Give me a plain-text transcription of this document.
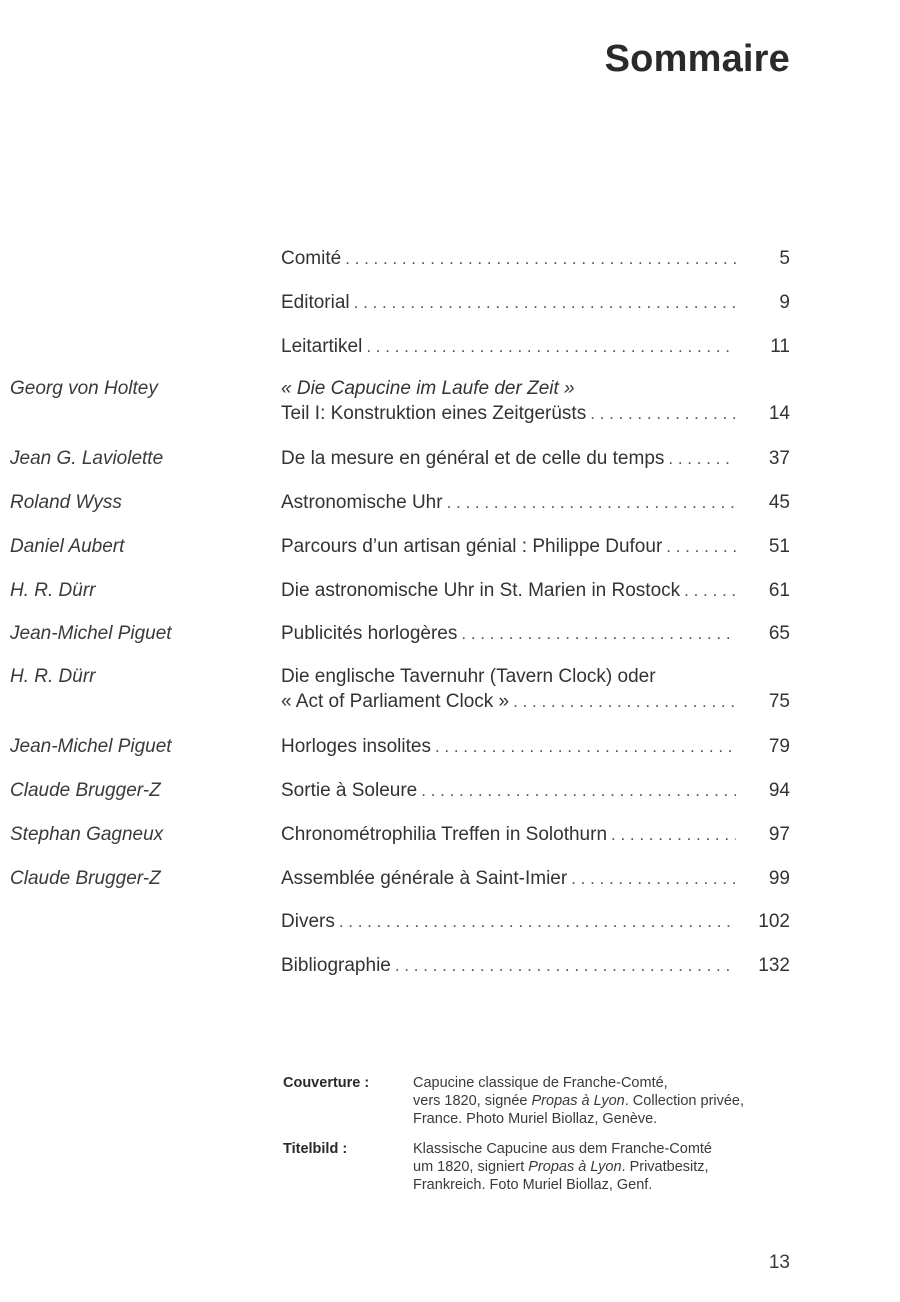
Sommaire
Comité . . .	5
Editorial . . .	9
Leitartikel . . .	11
Georg von Holtey	« Die Capucine im Laufe der Zeit »
Teil I: Konstruktion eines Zeitgerüsts . . .	14
Jean G. Laviolette	De la mesure en général et de celle du temps . . .	37
Roland Wyss	Astronomische Uhr . . .	45
Daniel Aubert	Parcours d’un artisan génial : Philippe Dufour . . .	51
H. R. Dürr	Die astronomische Uhr in St. Marien in Rostock . . .	61
Jean-Michel Piguet	Publicités horlogères . . .	65
H. R. Dürr	Die englische Tavernuhr (Tavern Clock) oder
« Act of Parliament Clock » . . .	75
Jean-Michel Piguet	Horloges insolites . . .	79
Claude Brugger-Z	Sortie à Soleure . . .	94
Stephan Gagneux	Chronométrophilia Treffen in Solothurn . . .	97
Claude Brugger-Z	Assemblée générale à Saint-Imier . . .	99
Divers . . .	102
Bibliographie . . .	132
Couverture :	Capucine classique de Franche-Comté,
vers 1820, signée Propas à Lyon. Collection privée,
France. Photo Muriel Biollaz, Genève.
Titelbild :	Klassische Capucine aus dem Franche-Comté
um 1820, signiert Propas à Lyon. Privatbesitz,
Frankreich. Foto Muriel Biollaz, Genf.
13
